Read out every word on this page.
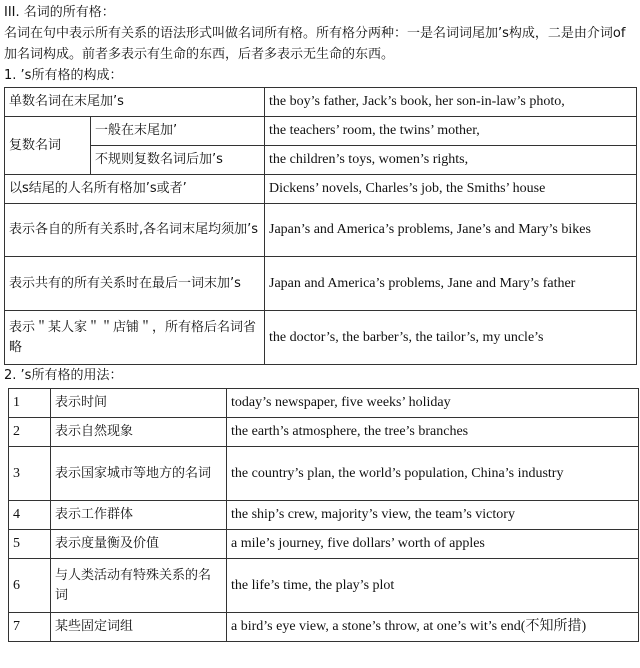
III. 名词的所有格：
名词在句中表示所有关系的语法形式叫做名词所有格。所有格分两种：一是名词词尾加’s构成，二是由介词of加名词构成。前者多表示有生命的东西，后者多表示无生命的东西。
1. ’s所有格的构成：
单数名词在末尾加’s		the boy’s father, Jack’s book, her son-in-law’s photo,
复数名词	一般在末尾加’	the teachers’ room, the twins’ mother,
	不规则复数名词后加’s	the children’s toys, women’s rights,
以s结尾的人名所有格加’s或者’		Dickens’ novels, Charles’s job, the Smiths’ house
表示各自的所有关系时,各名词末尾均须加’s		Japan’s and America’s problems, Jane’s and Mary’s bikes
表示共有的所有关系时在最后一词末加’s		Japan and America’s problems, Jane and Mary’s father
表示＂某人家＂＂店铺＂，所有格后名词省略		the doctor’s, the barber’s, the tailor’s, my uncle’s
2. ’s所有格的用法：
1	表示时间	today’s newspaper, five weeks’ holiday
2	表示自然现象	the earth’s atmosphere, the tree’s branches
3	表示国家城市等地方的名词	the country’s plan, the world’s population, China’s industry
4	表示工作群体	the ship’s crew, majority’s view, the team’s victory
5	表示度量衡及价值	a mile’s journey, five dollars’ worth of apples
6	与人类活动有特殊关系的名词	the life’s time, the play’s plot
7	某些固定词组	a bird’s eye view, a stone’s throw, at one’s wit’s end(不知所措)
